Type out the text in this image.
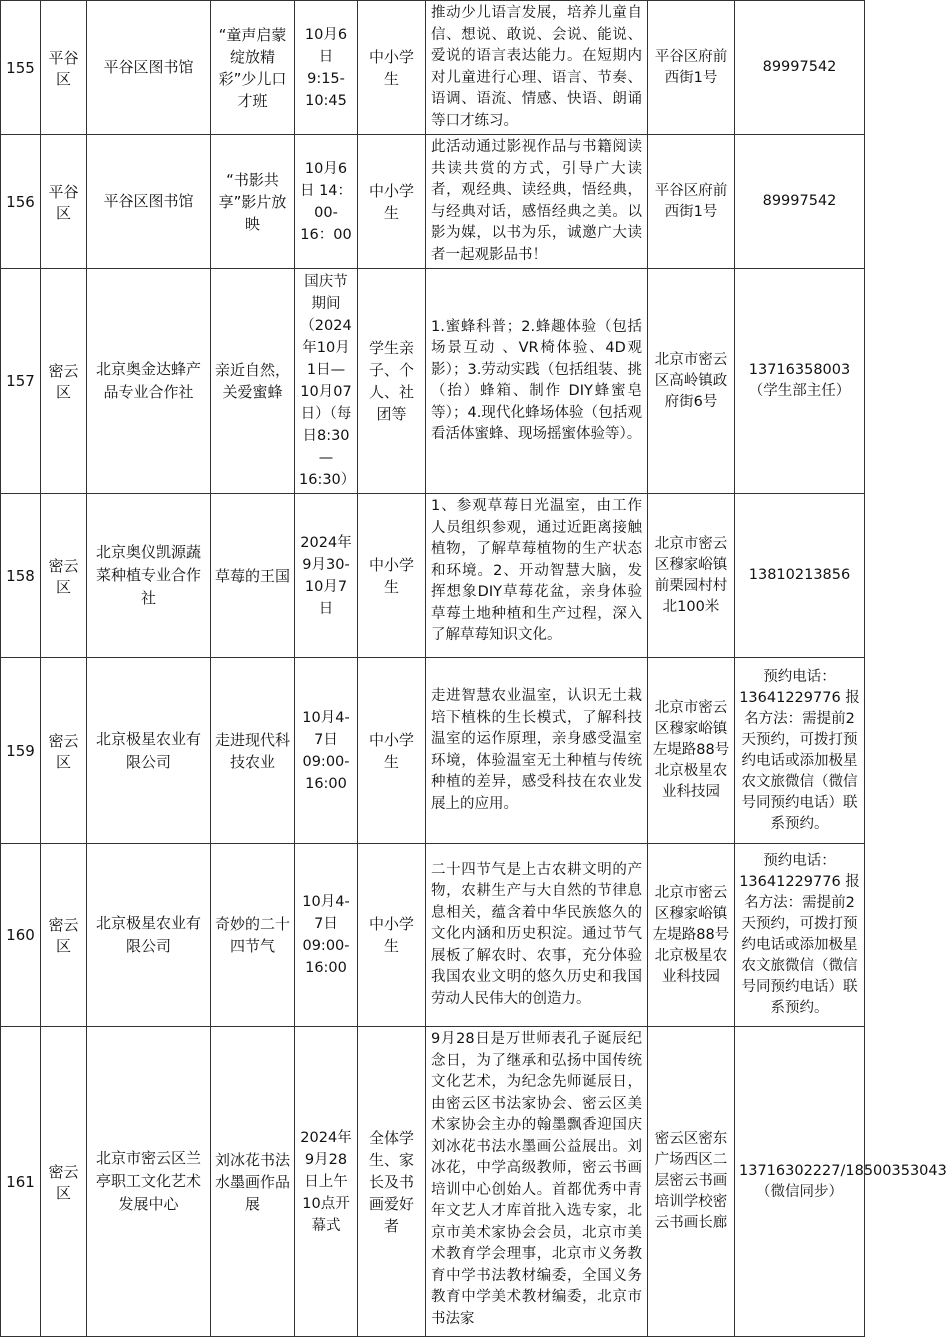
155	平谷区	平谷区图书馆	“童声启蒙 绽放精彩”少儿口才班	10月6日 9:15-10:45	中小学生	推动少儿语言发展，培养儿童自信、想说、敢说、会说、能说、爱说的语言表达能力。在短期内对儿童进行心理、语言、节奏、语调、语流、情感、快语、朗诵等口才练习。	平谷区府前西街1号	89997542
156	平谷区	平谷区图书馆	“书影共享”影片放映	10月6日 14：00-16：00	中小学生	此活动通过影视作品与书籍阅读共读共赏的方式，引导广大读者，观经典、读经典，悟经典，与经典对话，感悟经典之美。以影为媒，以书为乐，诚邀广大读者一起观影品书！	平谷区府前西街1号	89997542
157	密云区	北京奥金达蜂产品专业合作社	亲近自然，关爱蜜蜂	国庆节期间（2024年10月1日—10月07日）（每日8:30—16:30）	学生亲子、个人、社团等	1.蜜蜂科普；2.蜂趣体验（包括场景互动 、VR椅体验、4D观影）；3.劳动实践（包括组装、挑（抬）蜂箱、制作 DIY蜂蜜皂等）；4.现代化蜂场体验（包括观看活体蜜蜂、现场摇蜜体验等）。	北京市密云区高岭镇政府街6号	13716358003（学生部主任）
158	密云区	北京奥仪凯源蔬菜种植专业合作社	草莓的王国	2024年9月30-10月7日	中小学生	1、参观草莓日光温室，由工作人员组织参观，通过近距离接触植物，了解草莓植物的生产状态和环境。2、开动智慧大脑，发挥想象DIY草莓花盆，亲身体验草莓土地种植和生产过程，深入了解草莓知识文化。	北京市密云区穆家峪镇前栗园村村北100米	13810213856
159	密云区	北京极星农业有限公司	走进现代科技农业	10月4-7日 09:00-16:00	中小学生	走进智慧农业温室，认识无土栽培下植株的生长模式，了解科技温室的运作原理，亲身感受温室环境，体验温室无土种植与传统种植的差异，感受科技在农业发展上的应用。	北京市密云区穆家峪镇左堤路88号北京极星农业科技园	预约电话：13641229776 报名方法：需提前2天预约，可拨打预约电话或添加极星农文旅微信（微信号同预约电话）联系预约。
160	密云区	北京极星农业有限公司	奇妙的二十四节气	10月4-7日 09:00-16:00	中小学生	二十四节气是上古农耕文明的产物，农耕生产与大自然的节律息息相关，蕴含着中华民族悠久的文化内涵和历史积淀。通过节气展板了解农时、农事，充分体验我国农业文明的悠久历史和我国劳动人民伟大的创造力。	北京市密云区穆家峪镇左堤路88号北京极星农业科技园	预约电话：13641229776 报名方法：需提前2天预约，可拨打预约电话或添加极星农文旅微信（微信号同预约电话）联系预约。
161	密云区	北京市密云区兰亭职工文化艺术发展中心	刘冰花书法水墨画作品展	2024年9月28日上午10点开幕式	全体学生、家长及书画爱好者	9月28日是万世师表孔子诞辰纪念日，为了继承和弘扬中国传统文化艺术，为纪念先师诞辰日，由密云区书法家协会、密云区美术家协会主办的翰墨飘香迎国庆刘冰花书法水墨画公益展出。刘冰花，中学高级教师，密云书画培训中心创始人。首都优秀中青年文艺人才库首批入选专家，北京市美术家协会会员，北京市美术教育学会理事，北京市义务教育中学书法教材编委，全国义务教育中学美术教材编委，北京市书法家	密云区密东广场西区二层密云书画培训学校密云书画长廊	13716302227/18500353043（微信同步）
